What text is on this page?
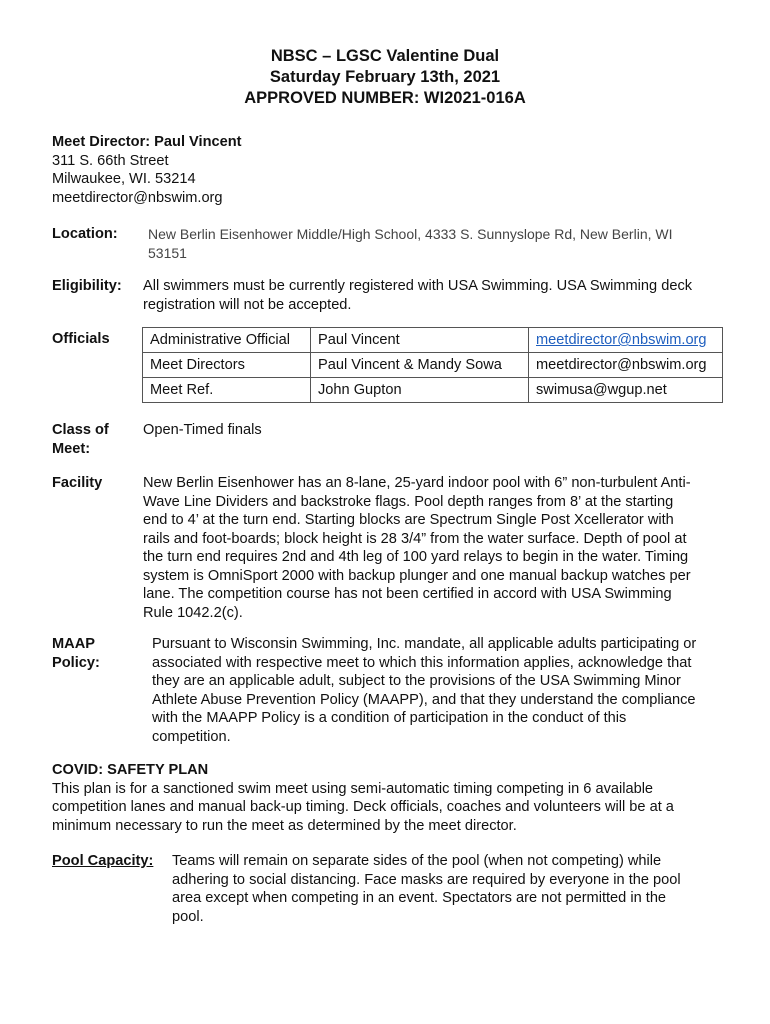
NBSC – LGSC Valentine Dual
Saturday February 13th, 2021
APPROVED NUMBER: WI2021-016A
Meet Director: Paul Vincent
311 S. 66th Street
Milwaukee, WI. 53214
meetdirector@nbswim.org
Location: New Berlin Eisenhower Middle/High School, 4333 S. Sunnyslope Rd, New Berlin, WI
53151
Eligibility: All swimmers must be currently registered with USA Swimming. USA Swimming deck
registration will not be accepted.
Officials	Administrative Official	Paul Vincent	meetdirector@nbswim.org
Meet Directors	Paul Vincent & Mandy Sowa	meetdirector@nbswim.org
Meet Ref.	John Gupton	swimusa@wgup.net
Class of
Meet:
Open-Timed finals
Facility	New Berlin Eisenhower has an 8-lane, 25-yard indoor pool with 6” non-turbulent Anti-
Wave Line Dividers and backstroke flags. Pool depth ranges from 8’ at the starting
end to 4’ at the turn end. Starting blocks are Spectrum Single Post Xcellerator with
rails and foot-boards; block height is 28 3/4” from the water surface. Depth of pool at
the turn end requires 2nd and 4th leg of 100 yard relays to begin in the water. Timing
system is OmniSport 2000 with backup plunger and one manual backup watches per
lane. The competition course has not been certified in accord with USA Swimming
Rule 1042.2(c).
MAAP
Policy:
Pursuant to Wisconsin Swimming, Inc. mandate, all applicable adults participating or
associated with respective meet to which this information applies, acknowledge that
they are an applicable adult, subject to the provisions of the USA Swimming Minor
Athlete Abuse Prevention Policy (MAAPP), and that they understand the compliance
with the MAAPP Policy is a condition of participation in the conduct of this
competition.
COVID: SAFETY PLAN
This plan is for a sanctioned swim meet using semi-automatic timing competing in 6 available
competition lanes and manual back-up timing. Deck officials, coaches and volunteers will be at a
minimum necessary to run the meet as determined by the meet director.
Pool Capacity: Teams will remain on separate sides of the pool (when not competing) while
adhering to social distancing. Face masks are required by everyone in the pool
area except when competing in an event. Spectators are not permitted in the
pool.
